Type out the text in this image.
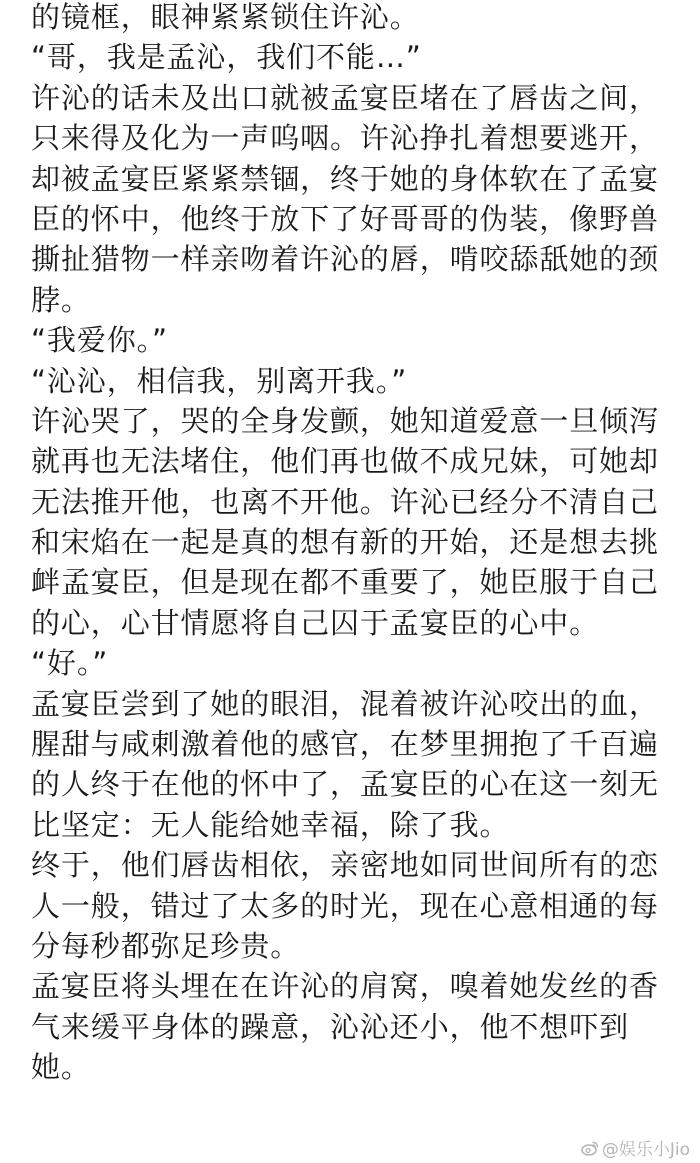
的镜框，眼神紧紧锁住许沁。
“哥，我是孟沁，我们不能…”
许沁的话未及出口就被孟宴臣堵在了唇齿之间，
只来得及化为一声呜咽。许沁挣扎着想要逃开，
却被孟宴臣紧紧禁锢，终于她的身体软在了孟宴
臣的怀中，他终于放下了好哥哥的伪装，像野兽
撕扯猎物一样亲吻着许沁的唇，啃咬舔舐她的颈
脖。
“我爱你。”
“沁沁，相信我，别离开我。”
许沁哭了，哭的全身发颤，她知道爱意一旦倾泻
就再也无法堵住，他们再也做不成兄妹，可她却
无法推开他，也离不开他。许沁已经分不清自己
和宋焰在一起是真的想有新的开始，还是想去挑
衅孟宴臣，但是现在都不重要了，她臣服于自己
的心，心甘情愿将自己囚于孟宴臣的心中。
“好。”
孟宴臣尝到了她的眼泪，混着被许沁咬出的血，
腥甜与咸刺激着他的感官，在梦里拥抱了千百遍
的人终于在他的怀中了，孟宴臣的心在这一刻无
比坚定：无人能给她幸福，除了我。
终于，他们唇齿相依，亲密地如同世间所有的恋
人一般，错过了太多的时光，现在心意相通的每
分每秒都弥足珍贵。
孟宴臣将头埋在在许沁的肩窝，嗅着她发丝的香
气来缓平身体的躁意，沁沁还小，他不想吓到
她。
@娱乐小Jio
